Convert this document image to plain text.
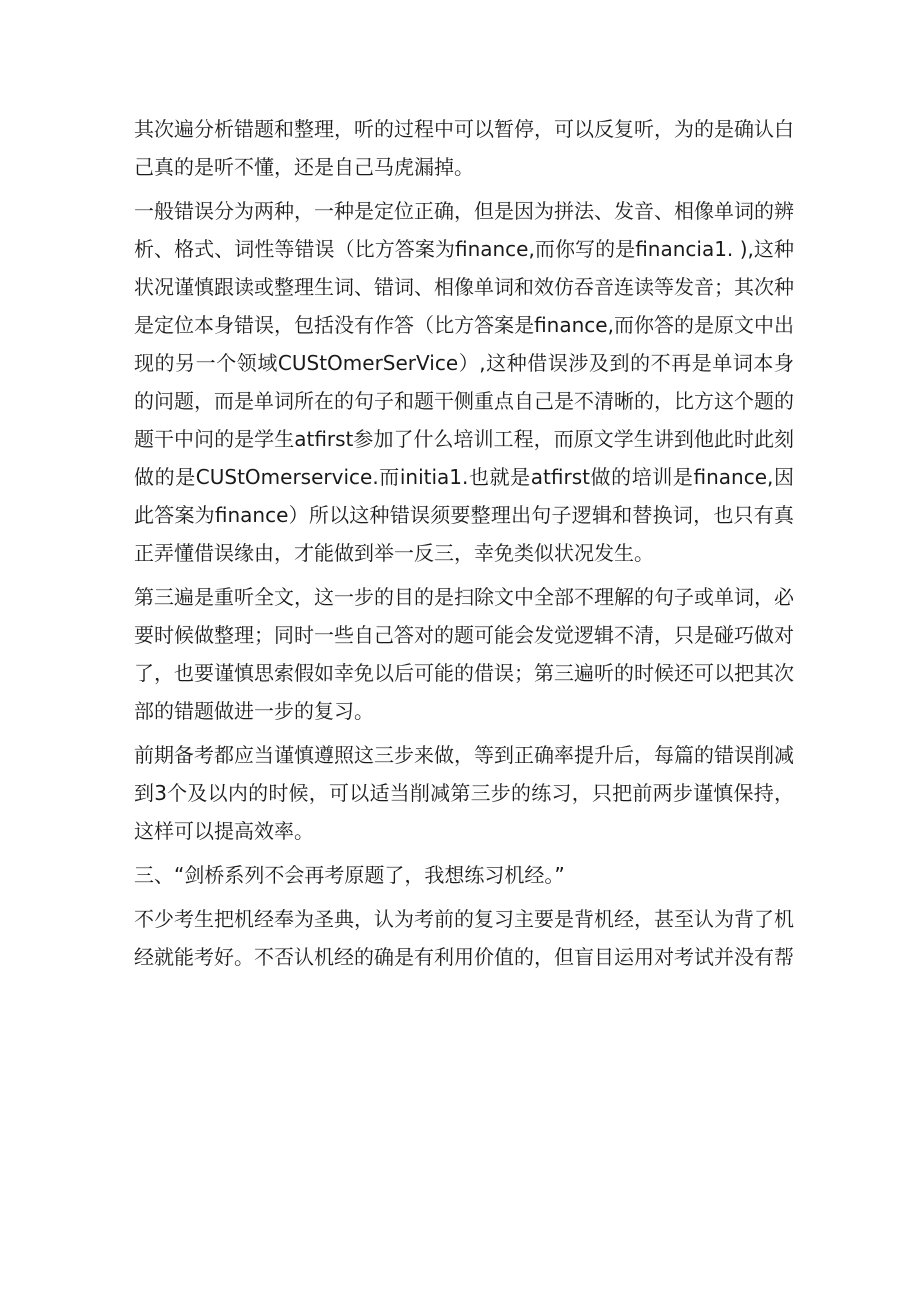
其次遍分析错题和整理，听的过程中可以暂停，可以反复听，为的是确认白己真的是听不懂，还是自己马虎漏掉。

一般错误分为两种，一种是定位正确，但是因为拼法、发音、相像单词的辨析、格式、词性等错误（比方答案为finance,而你写的是financia1. ),这种状况谨慎跟读或整理生词、错词、相像单词和效仿吞音连读等发音；其次种是定位本身错误，包括没有作答（比方答案是finance,而你答的是原文中出现的另一个领域CUStOmerSerVice）,这种借误涉及到的不再是单词本身的问题，而是单词所在的句子和题干侧重点自己是不清晰的，比方这个题的题干中问的是学生atfirst参加了什么培训工程，而原文学生讲到他此时此刻做的是CUStOmerservice.而initia1.也就是atfirst做的培训是finance,因此答案为finance）所以这种错误须要整理出句子逻辑和替换词，也只有真正弄懂借误缘由，才能做到举一反三，幸免类似状况发生。

第三遍是重听全文，这一步的目的是扫除文中全部不理解的句子或单词，必要时候做整理；同时一些自己答对的题可能会发觉逻辑不清，只是碰巧做对了，也要谨慎思索假如幸免以后可能的借误；第三遍听的时候还可以把其次部的错题做进一步的复习。

前期备考都应当谨慎遵照这三步来做，等到正确率提升后，每篇的错误削减到3个及以内的时候，可以适当削减第三步的练习，只把前两步谨慎保持，这样可以提高效率。

三、“剑桥系列不会再考原题了，我想练习机经。”

不少考生把机经奉为圣典，认为考前的复习主要是背机经，甚至认为背了机经就能考好。不否认机经的确是有利用价值的，但盲目运用对考试并没有帮
